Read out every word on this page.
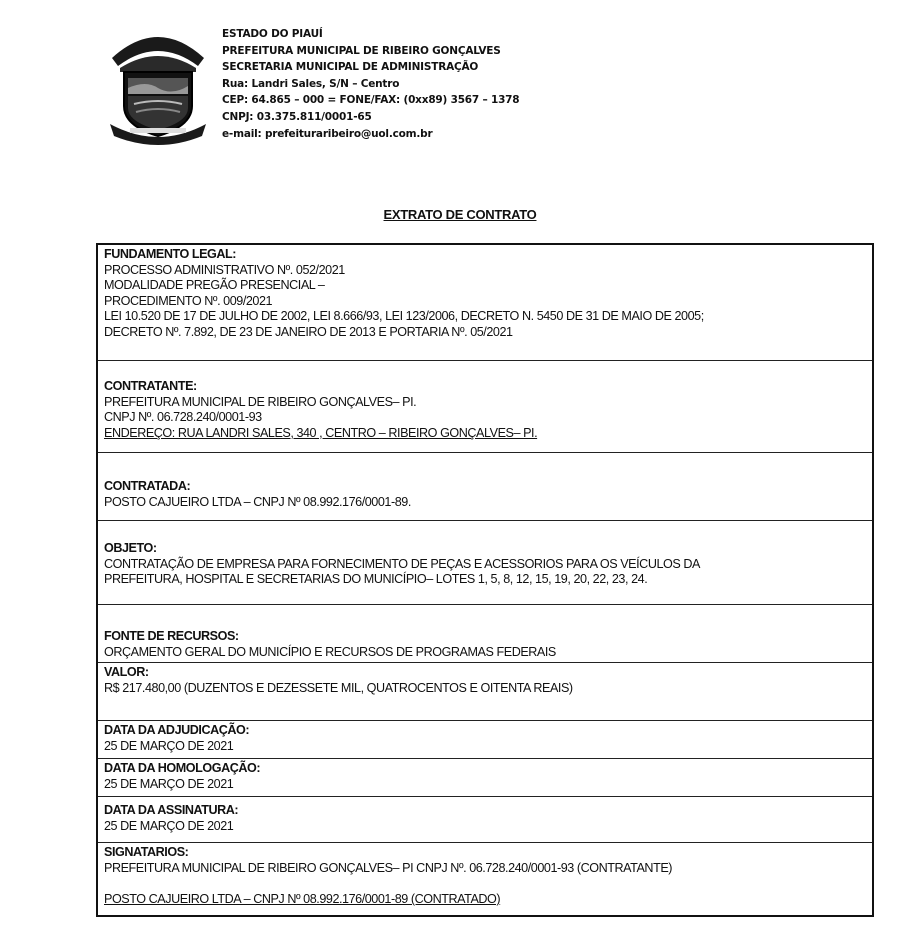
ESTADO DO PIAUÍ
PREFEITURA MUNICIPAL DE RIBEIRO GONÇALVES
SECRETARIA MUNICIPAL DE ADMINISTRAÇÃO
Rua: Landri Sales, S/N – Centro
CEP: 64.865 – 000 = FONE/FAX: (0xx89) 3567 – 1378
CNPJ: 03.375.811/0001-65
e-mail: prefeituraribeiro@uol.com.br
EXTRATO DE CONTRATO
FUNDAMENTO LEGAL:
PROCESSO ADMINISTRATIVO Nº. 052/2021
MODALIDADE PREGÃO PRESENCIAL –
PROCEDIMENTO Nº. 009/2021
LEI 10.520 DE 17 DE JULHO DE 2002, LEI 8.666/93, LEI 123/2006, DECRETO N. 5450 DE 31 DE MAIO DE 2005;
DECRETO Nº. 7.892, DE 23 DE JANEIRO DE 2013 E PORTARIA Nº. 05/2021
CONTRATANTE:
PREFEITURA MUNICIPAL DE RIBEIRO GONÇALVES– PI.
CNPJ Nº. 06.728.240/0001-93
ENDEREÇO: RUA LANDRI SALES, 340 , CENTRO – RIBEIRO GONÇALVES– PI.
CONTRATADA:
POSTO CAJUEIRO LTDA – CNPJ Nº 08.992.176/0001-89.
OBJETO:
CONTRATAÇÃO DE EMPRESA PARA FORNECIMENTO DE PEÇAS E ACESSORIOS PARA OS VEÍCULOS DA
PREFEITURA, HOSPITAL E SECRETARIAS DO MUNICÍPIO– LOTES 1, 5, 8, 12, 15, 19, 20, 22, 23, 24.
FONTE DE RECURSOS:
ORÇAMENTO GERAL DO MUNICÍPIO E RECURSOS DE PROGRAMAS FEDERAIS
VALOR:
R$ 217.480,00 (DUZENTOS E DEZESSETE MIL, QUATROCENTOS E OITENTA REAIS)
DATA DA ADJUDICAÇÃO:
25 DE MARÇO DE 2021
DATA DA HOMOLOGAÇÃO:
25 DE MARÇO DE 2021
DATA DA ASSINATURA:
25 DE MARÇO DE 2021
SIGNATARIOS:
PREFEITURA MUNICIPAL DE RIBEIRO GONÇALVES– PI CNPJ Nº. 06.728.240/0001-93 (CONTRATANTE)
POSTO CAJUEIRO LTDA – CNPJ Nº 08.992.176/0001-89 (CONTRATADO)
